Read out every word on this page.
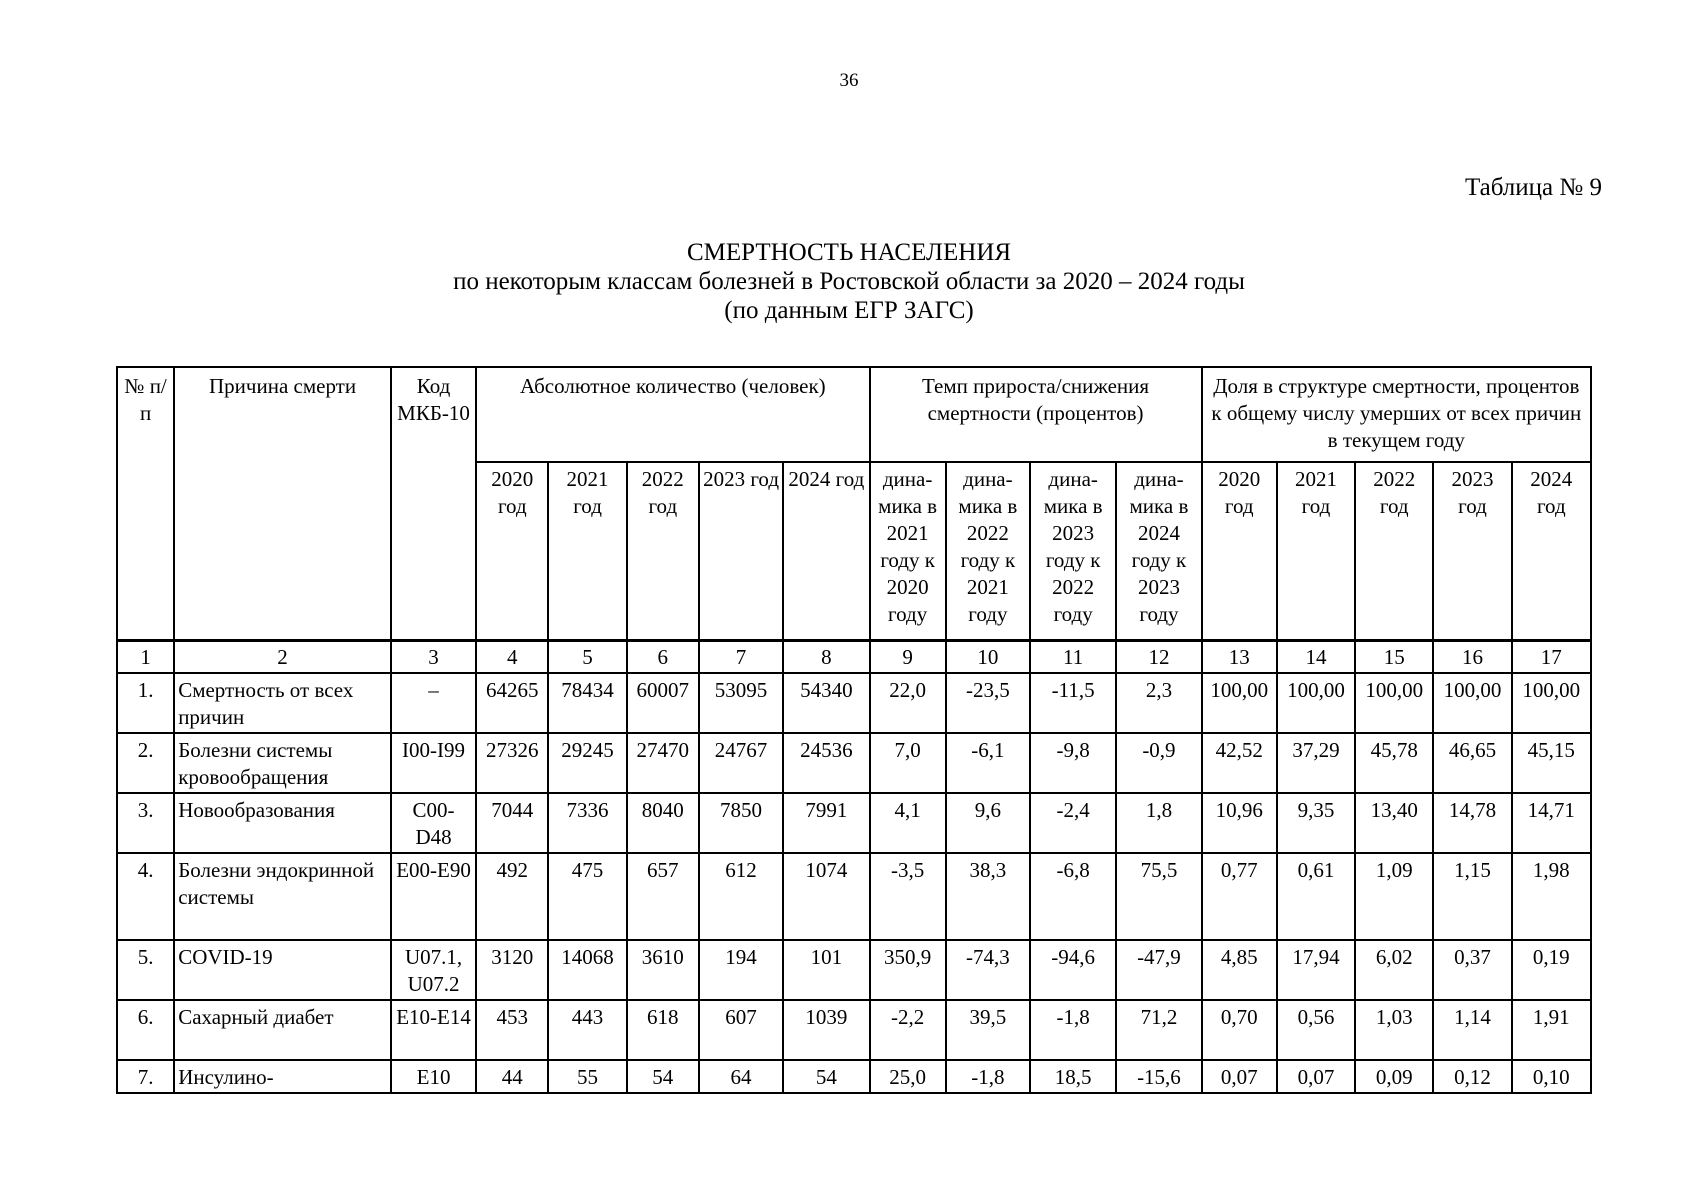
36
Таблица № 9
СМЕРТНОСТЬ НАСЕЛЕНИЯ
по некоторым классам болезней в Ростовской области за 2020 – 2024 годы
(по данным ЕГР ЗАГС)
№ п/п	Причина смерти	Код МКБ-10	Абсолютное количество (человек)					Темп прироста/снижения смертности (процентов)				Доля в структуре смертности, процентов к общему числу умерших от всех причин в текущем году				

			2020 год	2021 год	2022 год	2023 год	2024 год	дина-мика в 2021 году к 2020 году	дина-мика в 2022 году к 2021 году	дина-мика в 2023 году к 2022 году	дина-мика в 2024 году к 2023 году	2020 год	2021 год	2022 год	2023 год	2024 год
1	2	3	4	5	6	7	8	9	10	11	12	13	14	15	16	17
1.	Смертность от всех причин	–	64265	78434	60007	53095	54340	22,0	-23,5	-11,5	2,3	100,00	100,00	100,00	100,00	100,00
2.	Болезни системы кровообращения	I00-I99	27326	29245	27470	24767	24536	7,0	-6,1	-9,8	-0,9	42,52	37,29	45,78	46,65	45,15
3.	Новообразования	C00-D48	7044	7336	8040	7850	7991	4,1	9,6	-2,4	1,8	10,96	9,35	13,40	14,78	14,71
4.	Болезни эндокринной системы	E00-E90	492	475	657	612	1074	-3,5	38,3	-6,8	75,5	0,77	0,61	1,09	1,15	1,98
5.	COVID-19	U07.1, U07.2	3120	14068	3610	194	101	350,9	-74,3	-94,6	-47,9	4,85	17,94	6,02	0,37	0,19
6.	Сахарный диабет	E10-E14	453	443	618	607	1039	-2,2	39,5	-1,8	71,2	0,70	0,56	1,03	1,14	1,91
7.	Инсулино-	E10	44	55	54	64	54	25,0	-1,8	18,5	-15,6	0,07	0,07	0,09	0,12	0,10
